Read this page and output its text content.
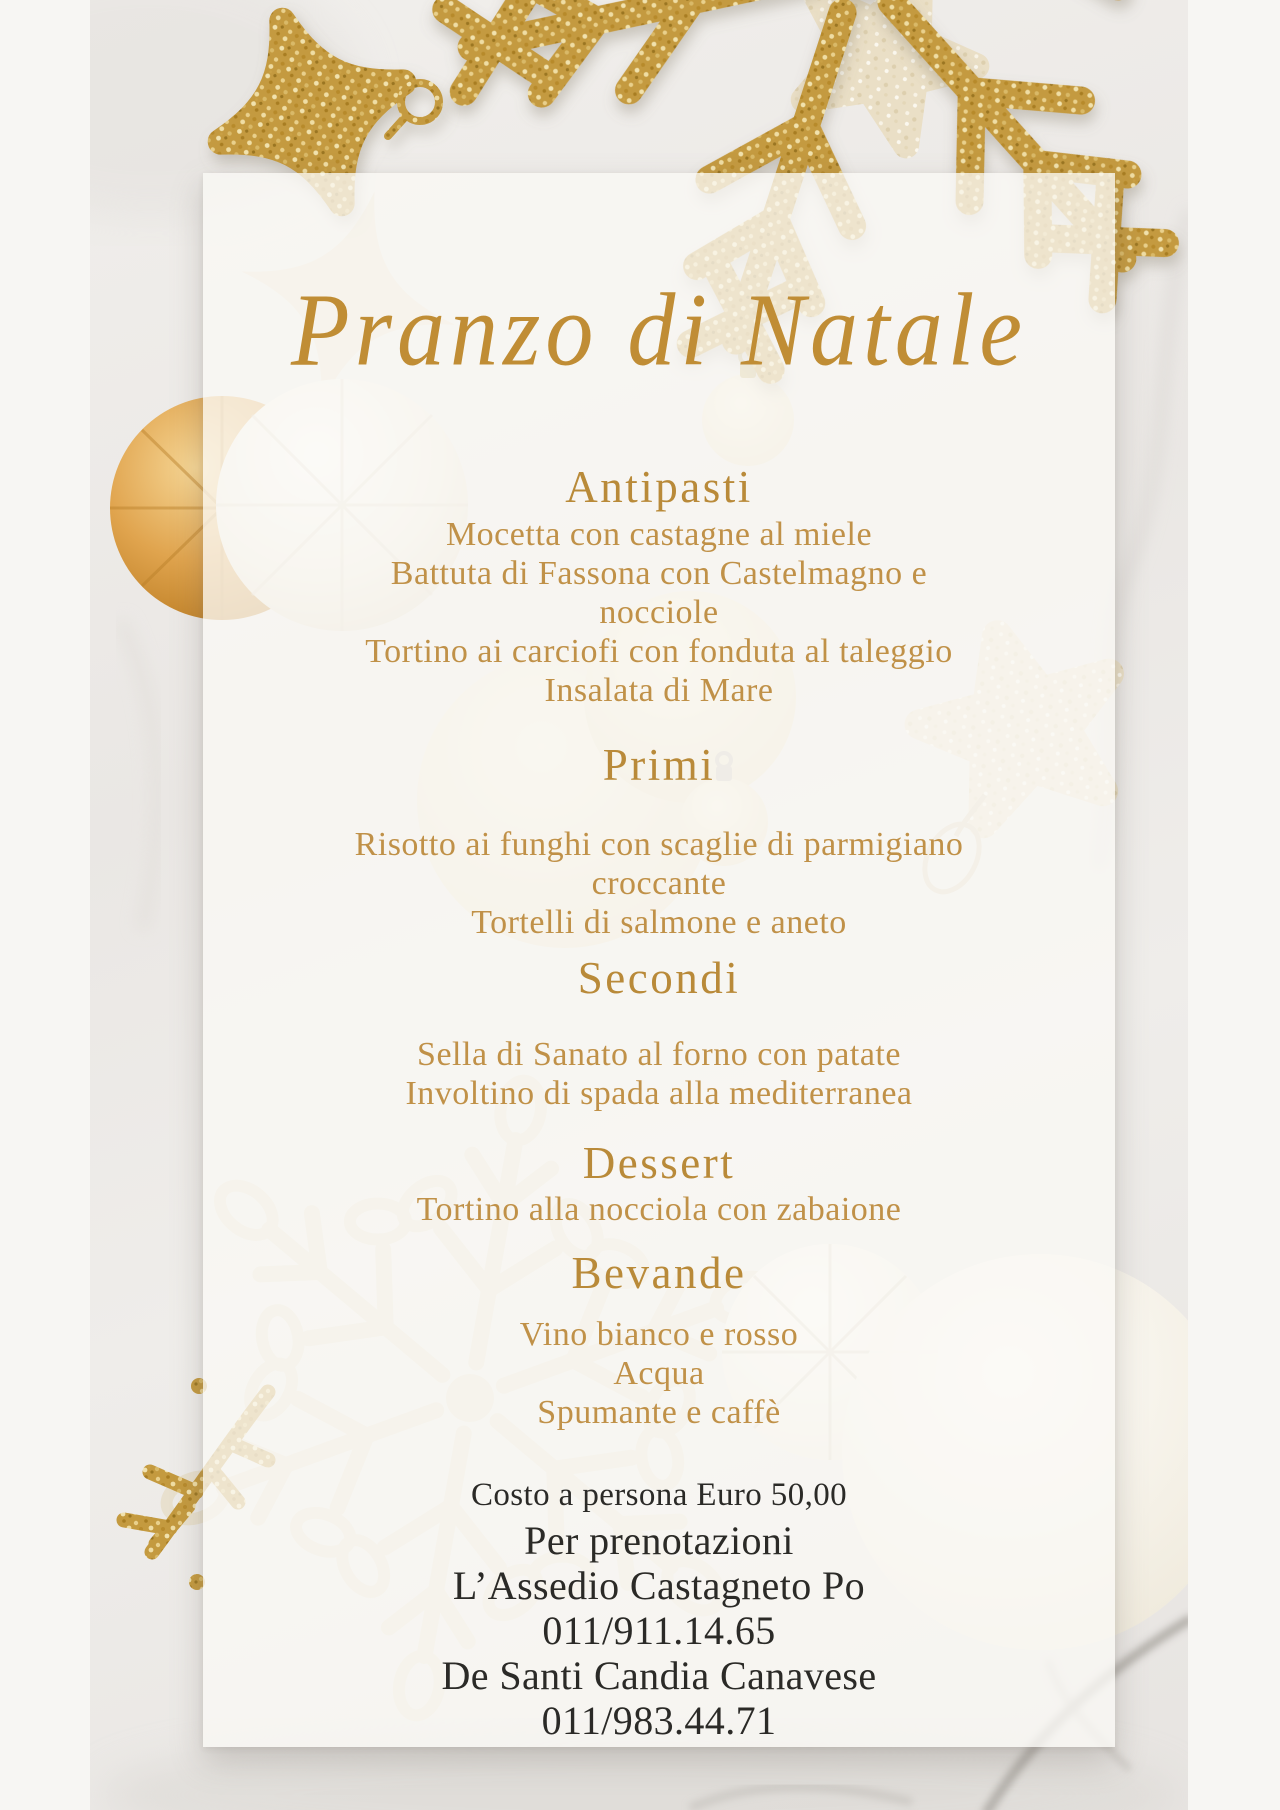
Pranzo di Natale
Antipasti
Mocetta con castagne al miele
Battuta di Fassona con Castelmagno e
nocciole
Tortino ai carciofi con fonduta al taleggio
Insalata di Mare
Primi
Risotto ai funghi con scaglie di parmigiano
croccante
Tortelli di salmone e aneto
Secondi
Sella di Sanato al forno con patate
Involtino di spada alla mediterranea
Dessert
Tortino alla nocciola con zabaione
Bevande
Vino bianco e rosso
Acqua
Spumante e caffè
Costo a persona Euro 50,00
Per prenotazioni
L’Assedio Castagneto Po
011/911.14.65
De Santi Candia Canavese
011/983.44.71
